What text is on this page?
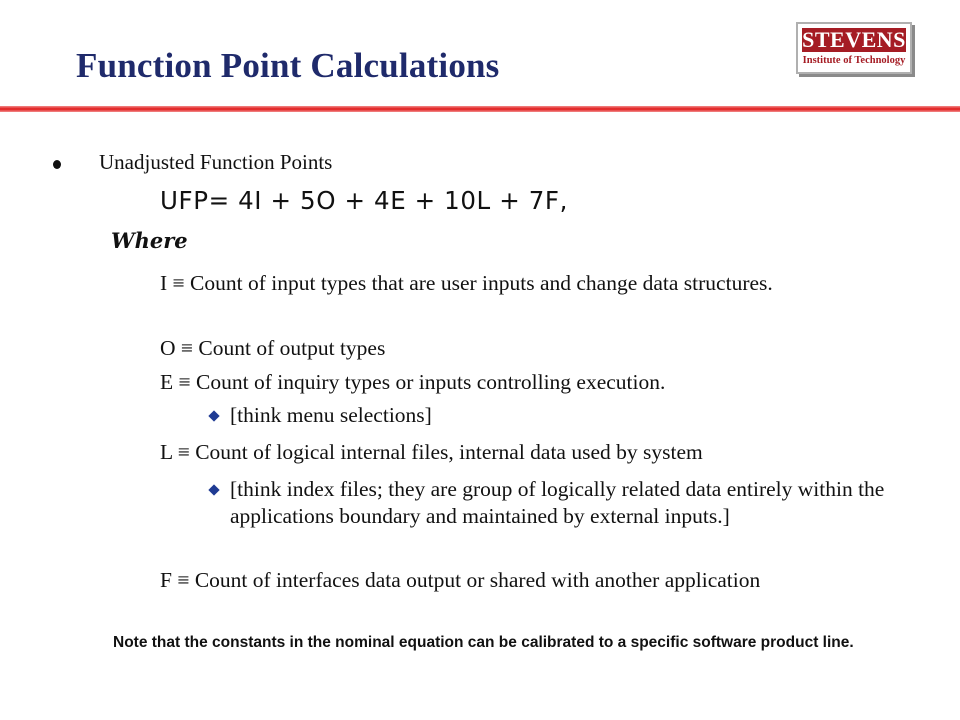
Function Point Calculations
STEVENS
Institute of Technology

Unadjusted Function Points

UFP= 4I + 5O + 4E + 10L + 7F,

Where

I ≡ Count of input types that are user inputs and change data structures.

O ≡ Count of output types

E ≡ Count of inquiry types or inputs controlling execution.

[think menu selections]

L ≡ Count of logical internal files, internal data used by system

[think index files; they are group of logically related data entirely within the applications boundary and maintained by external inputs.]

F ≡ Count of interfaces data output or shared with another application

Note that the constants in the nominal equation can be calibrated to a specific software product line.
